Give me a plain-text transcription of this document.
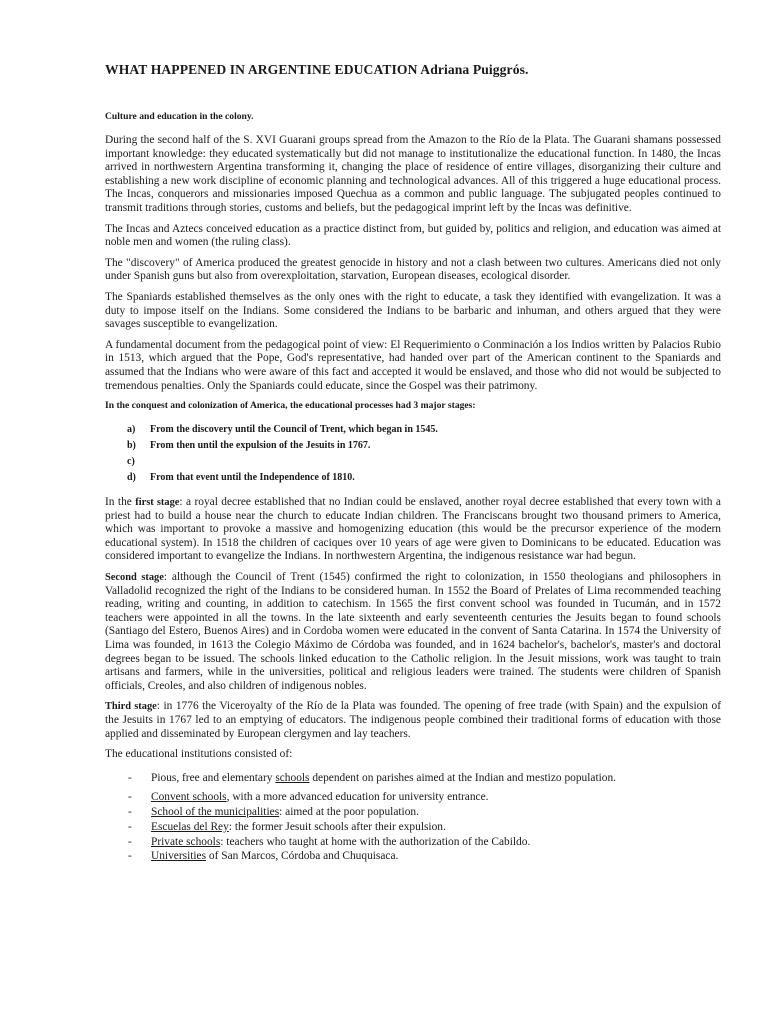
WHAT HAPPENED IN ARGENTINE EDUCATION Adriana Puiggrós.
Culture and education in the colony.

During the second half of the S. XVI Guarani groups spread from the Amazon to the Río de la Plata. The Guarani shamans possessed important knowledge: they educated systematically but did not manage to institutionalize the educational function. In 1480, the Incas arrived in northwestern Argentina transforming it, changing the place of residence of entire villages, disorganizing their culture and establishing a new work discipline of economic planning and technological advances. All of this triggered a huge educational process. The Incas, conquerors and missionaries imposed Quechua as a common and public language. The subjugated peoples continued to transmit traditions through stories, customs and beliefs, but the pedagogical imprint left by the Incas was definitive.

The Incas and Aztecs conceived education as a practice distinct from, but guided by, politics and religion, and education was aimed at noble men and women (the ruling class).

The "discovery" of America produced the greatest genocide in history and not a clash between two cultures. Americans died not only under Spanish guns but also from overexploitation, starvation, European diseases, ecological disorder.

The Spaniards established themselves as the only ones with the right to educate, a task they identified with evangelization. It was a duty to impose itself on the Indians. Some considered the Indians to be barbaric and inhuman, and others argued that they were savages susceptible to evangelization.

A fundamental document from the pedagogical point of view: El Requerimiento o Conminación a los Indios written by Palacios Rubio in 1513, which argued that the Pope, God's representative, had handed over part of the American continent to the Spaniards and assumed that the Indians who were aware of this fact and accepted it would be enslaved, and those who did not would be subjected to tremendous penalties. Only the Spaniards could educate, since the Gospel was their patrimony.

In the conquest and colonization of America, the educational processes had 3 major stages:
a)	From the discovery until the Council of Trent, which began in 1545.
b)	From then until the expulsion of the Jesuits in 1767.
c)
d)	From that event until the Independence of 1810.

In the first stage: a royal decree established that no Indian could be enslaved, another royal decree established that every town with a priest had to build a house near the church to educate Indian children. The Franciscans brought two thousand primers to America, which was important to provoke a massive and homogenizing education (this would be the precursor experience of the modern educational system). In 1518 the children of caciques over 10 years of age were given to Dominicans to be educated. Education was considered important to evangelize the Indians. In northwestern Argentina, the indigenous resistance war had begun.

Second stage: although the Council of Trent (1545) confirmed the right to colonization, in 1550 theologians and philosophers in Valladolid recognized the right of the Indians to be considered human. In 1552 the Board of Prelates of Lima recommended teaching reading, writing and counting, in addition to catechism. In 1565 the first convent school was founded in Tucumán, and in 1572 teachers were appointed in all the towns. In the late sixteenth and early seventeenth centuries the Jesuits began to found schools (Santiago del Estero, Buenos Aires) and in Cordoba women were educated in the convent of Santa Catarina. In 1574 the University of Lima was founded, in 1613 the Colegio Máximo de Córdoba was founded, and in 1624 bachelor's, bachelor's, master's and doctoral degrees began to be issued. The schools linked education to the Catholic religion. In the Jesuit missions, work was taught to train artisans and farmers, while in the universities, political and religious leaders were trained. The students were children of Spanish officials, Creoles, and also children of indigenous nobles.

Third stage: in 1776 the Viceroyalty of the Río de la Plata was founded. The opening of free trade (with Spain) and the expulsion of the Jesuits in 1767 led to an emptying of educators. The indigenous people combined their traditional forms of education with those applied and disseminated by European clergymen and lay teachers.

The educational institutions consisted of:

-	Pious, free and elementary schools dependent on parishes aimed at the Indian and mestizo population.
-	Convent schools, with a more advanced education for university entrance.
-	School of the municipalities: aimed at the poor population.
-	Escuelas del Rey: the former Jesuit schools after their expulsion.
-	Private schools: teachers who taught at home with the authorization of the Cabildo.
-	Universities of San Marcos, Córdoba and Chuquisaca.
